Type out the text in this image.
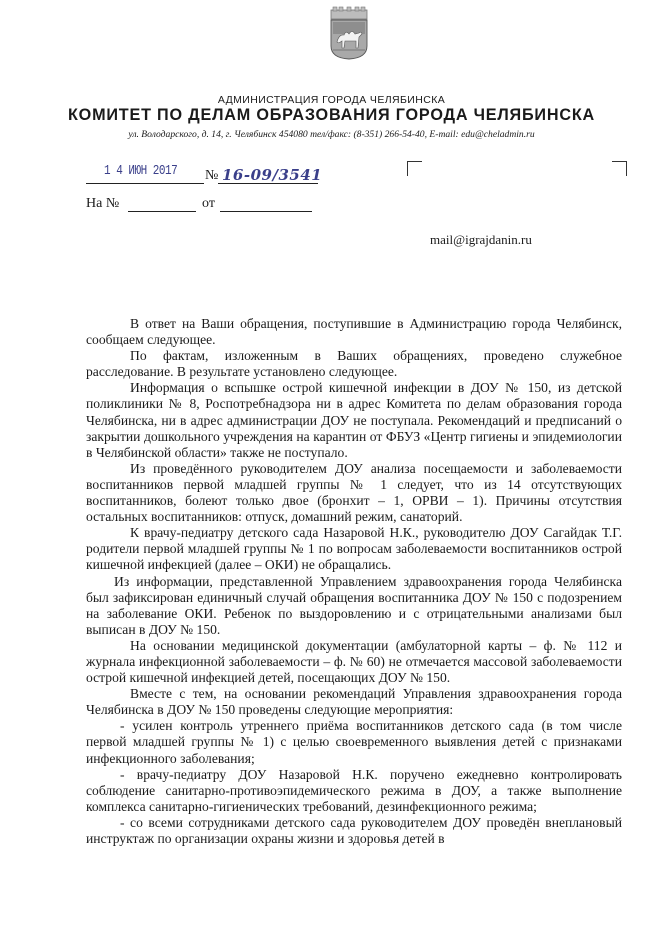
АДМИНИСТРАЦИЯ ГОРОДА ЧЕЛЯБИНСКА
КОМИТЕТ ПО ДЕЛАМ ОБРАЗОВАНИЯ ГОРОДА ЧЕЛЯБИНСКА
ул. Володарского, д. 14, г. Челябинск 454080 тел/факс: (8-351) 266-54-40, E-mail: edu@cheladmin.ru
1 4 ИЮН 2017 № 16-09/3541
На №	от
mail@igrajdanin.ru

В ответ на Ваши обращения, поступившие в Администрацию города Челябинск, сообщаем следующее.

По фактам, изложенным в Ваших обращениях, проведено служебное расследование. В результате установлено следующее.

Информация о вспышке острой кишечной инфекции в ДОУ № 150, из детской поликлиники № 8, Роспотребнадзора ни в адрес Комитета по делам образования города Челябинска, ни в адрес администрации ДОУ не поступала. Рекомендаций и предписаний о закрытии дошкольного учреждения на карантин от ФБУЗ «Центр гигиены и эпидемиологии в Челябинской области» также не поступало.

Из проведённого руководителем ДОУ анализа посещаемости и заболеваемости воспитанников первой младшей группы № 1 следует, что из 14 отсутствующих воспитанников, болеют только двое (бронхит – 1, ОРВИ – 1). Причины отсутствия остальных воспитанников: отпуск, домашний режим, санаторий.

К врачу-педиатру детского сада Назаровой Н.К., руководителю ДОУ Сагайдак Т.Г. родители первой младшей группы № 1 по вопросам заболеваемости воспитанников острой кишечной инфекцией (далее – ОКИ) не обращались.

Из информации, представленной Управлением здравоохранения города Челябинска был зафиксирован единичный случай обращения воспитанника ДОУ № 150 с подозрением на заболевание ОКИ. Ребенок по выздоровлению и с отрицательными анализами был выписан в ДОУ № 150.

На основании медицинской документации (амбулаторной карты – ф. № 112 и журнала инфекционной заболеваемости – ф. № 60) не отмечается массовой заболеваемости острой кишечной инфекцией детей, посещающих ДОУ № 150.

Вместе с тем, на основании рекомендаций Управления здравоохранения города Челябинска в ДОУ № 150 проведены следующие мероприятия:

- усилен контроль утреннего приёма воспитанников детского сада (в том числе первой младшей группы № 1) с целью своевременного выявления детей с признаками инфекционного заболевания;

- врачу-педиатру ДОУ Назаровой Н.К. поручено ежедневно контролировать соблюдение санитарно-противоэпидемического режима в ДОУ, а также выполнение комплекса санитарно-гигиенических требований, дезинфекционного режима;

- со всеми сотрудниками детского сада руководителем ДОУ проведён внеплановый инструктаж по организации охраны жизни и здоровья детей в
